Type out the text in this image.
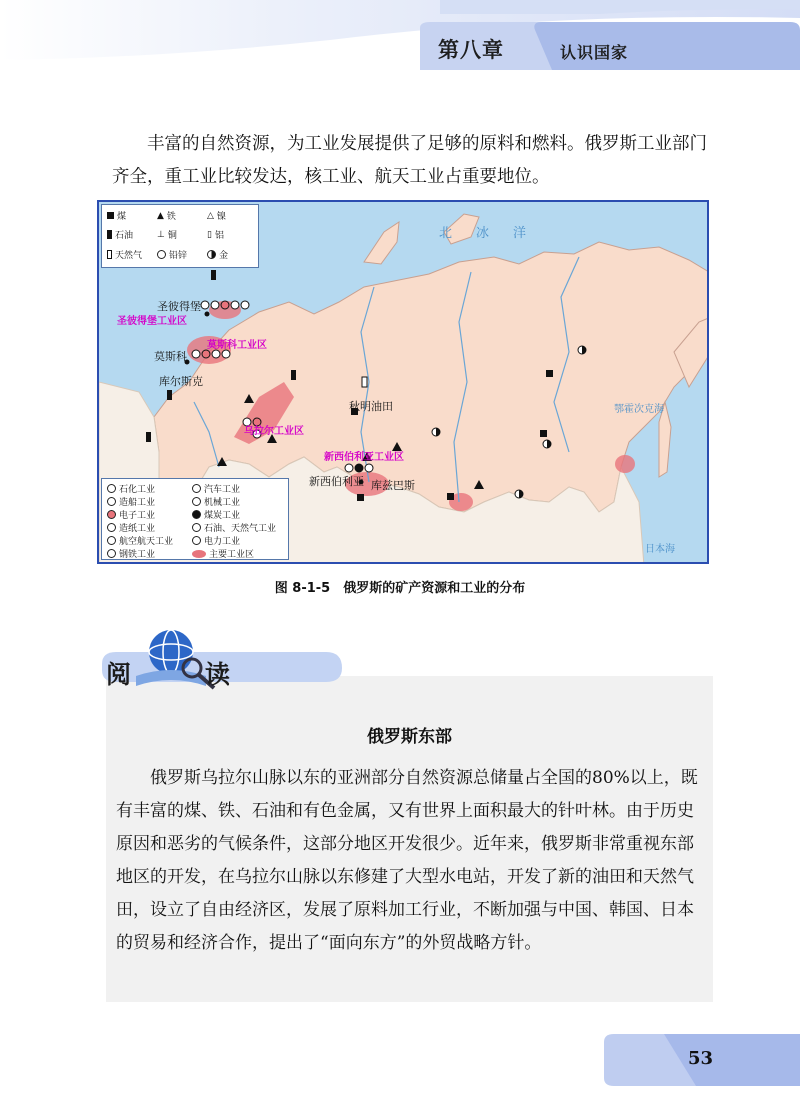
第八章	认识国家

丰富的自然资源，为工业发展提供了足够的原料和燃料。俄罗斯工业部门齐全，重工业比较发达，核工业、航天工业占重要地位。

煤	▲ 铁	△ 镍
石油	⊥ 铜	▯ 铝
天然气	铅锌	金
石化工业	汽车工业
造船工业	机械工业
电子工业	煤炭工业
造纸工业	石油、天然气工业
航空航天工业	电力工业
钢铁工业	主要工业区
圣彼得堡
圣彼得堡工业区
莫斯科工业区
莫斯科
库尔斯克
乌拉尔工业区
秋明油田
新西伯利亚工业区
新西伯利亚 库兹巴斯
北冰洋
鄂霍次克海
日本海
图 8-1-5　俄罗斯的矿产资源和工业的分布
阅	读
俄罗斯东部

俄罗斯乌拉尔山脉以东的亚洲部分自然资源总储量占全国的80%以上，既有丰富的煤、铁、石油和有色金属，又有世界上面积最大的针叶林。由于历史原因和恶劣的气候条件，这部分地区开发很少。近年来，俄罗斯非常重视东部地区的开发，在乌拉尔山脉以东修建了大型水电站，开发了新的油田和天然气田，设立了自由经济区，发展了原料加工行业，不断加强与中国、韩国、日本的贸易和经济合作，提出了“面向东方”的外贸战略方针。

53
